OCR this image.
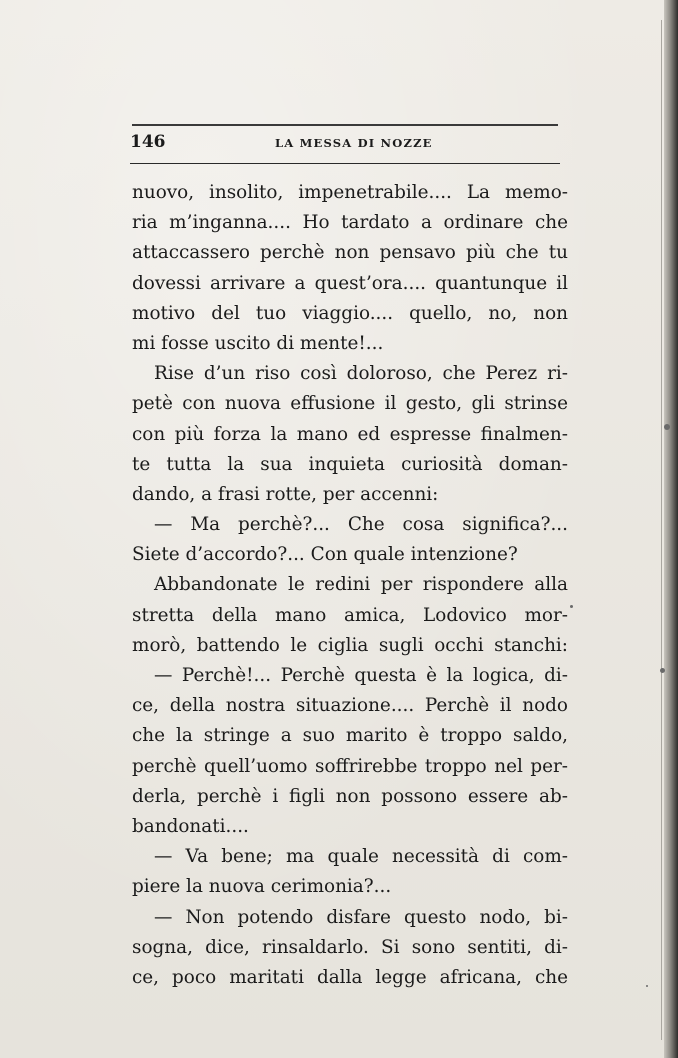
146	LA MESSA DI NOZZE
nuovo, insolito, impenetrabile.... La memo-
ria m’inganna.... Ho tardato a ordinare che
attaccassero perchè non pensavo più che tu
dovessi arrivare a quest’ora.... quantunque il
motivo del tuo viaggio.... quello, no, non
mi fosse uscito di mente!...
Rise d’un riso così doloroso, che Perez ri-
petè con nuova effusione il gesto, gli strinse
con più forza la mano ed espresse finalmen-
te tutta la sua inquieta curiosità doman-
dando, a frasi rotte, per accenni:
— Ma perchè?... Che cosa significa?...
Siete d’accordo?... Con quale intenzione?
Abbandonate le redini per rispondere alla
stretta della mano amica, Lodovico mor-
morò, battendo le ciglia sugli occhi stanchi:
— Perchè!... Perchè questa è la logica, di-
ce, della nostra situazione.... Perchè il nodo
che la stringe a suo marito è troppo saldo,
perchè quell’uomo soffrirebbe troppo nel per-
derla, perchè i figli non possono essere ab-
bandonati....
— Va bene; ma quale necessità di com-
piere la nuova cerimonia?...
— Non potendo disfare questo nodo, bi-
sogna, dice, rinsaldarlo. Si sono sentiti, di-
ce, poco maritati dalla legge africana, che
